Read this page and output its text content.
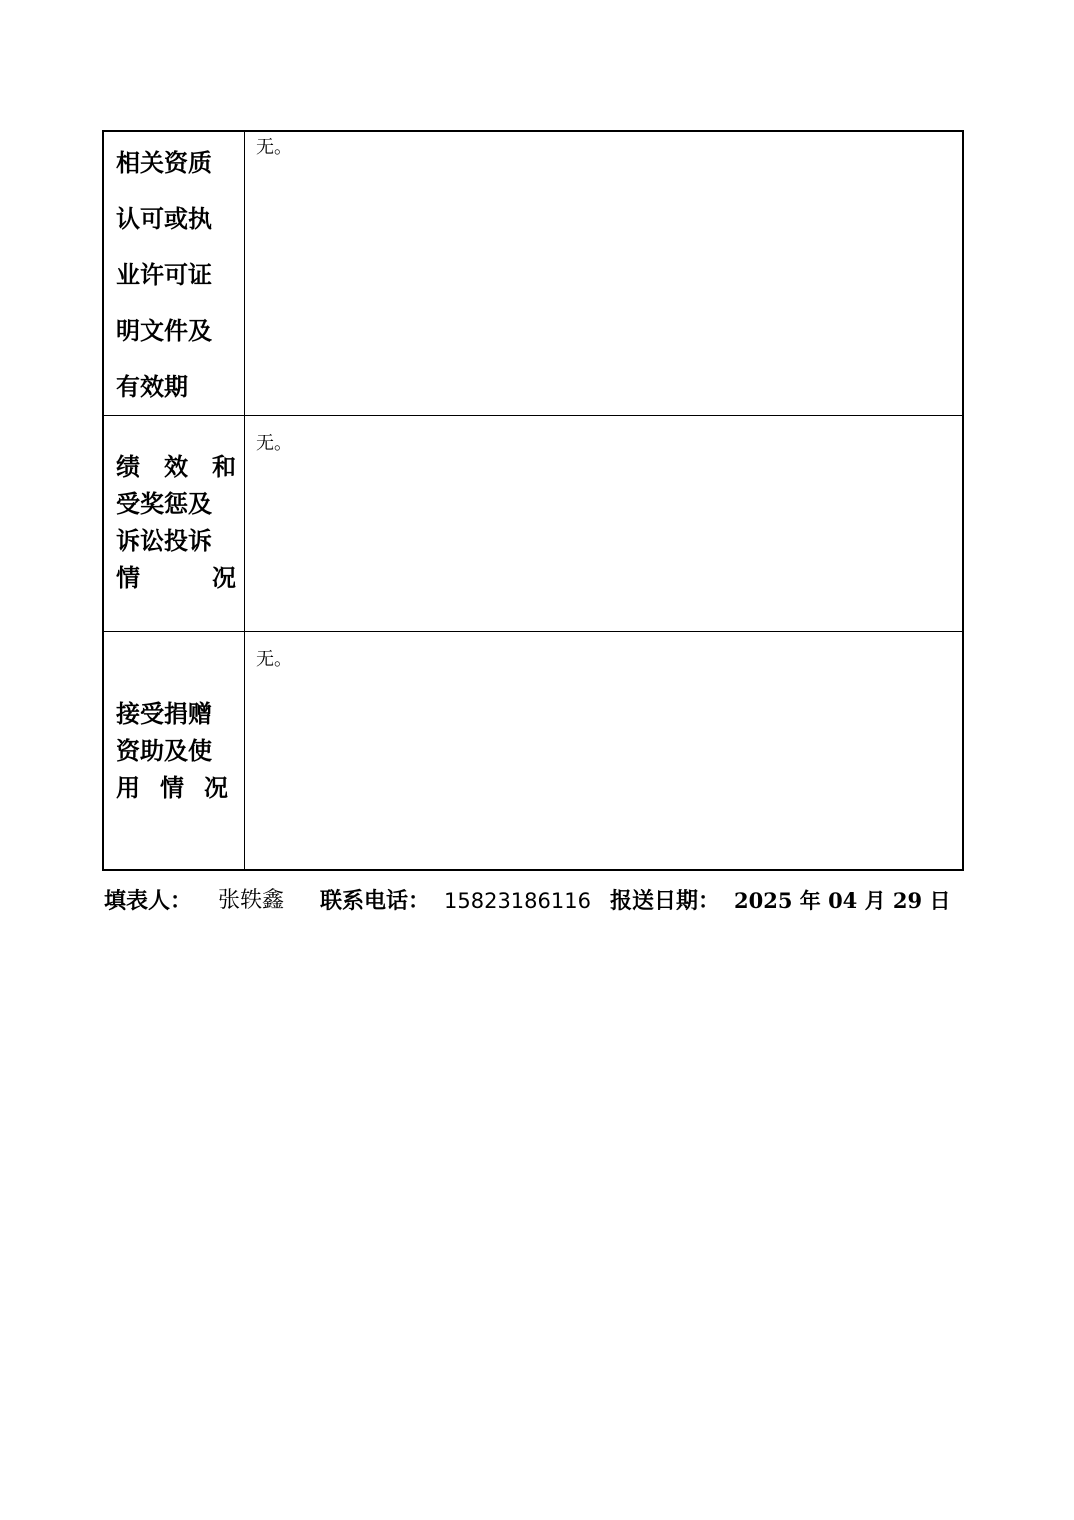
相关资质
认可或执
业许可证
明文件及
有效期
无。
绩 效 和
受奖惩及
诉讼投诉
情	况
无。
接受捐赠
资助及使
用 情 况
无。
填表人： 张轶鑫 联系电话： 15823186116 报送日期： 2025 年 04 月 29 日
